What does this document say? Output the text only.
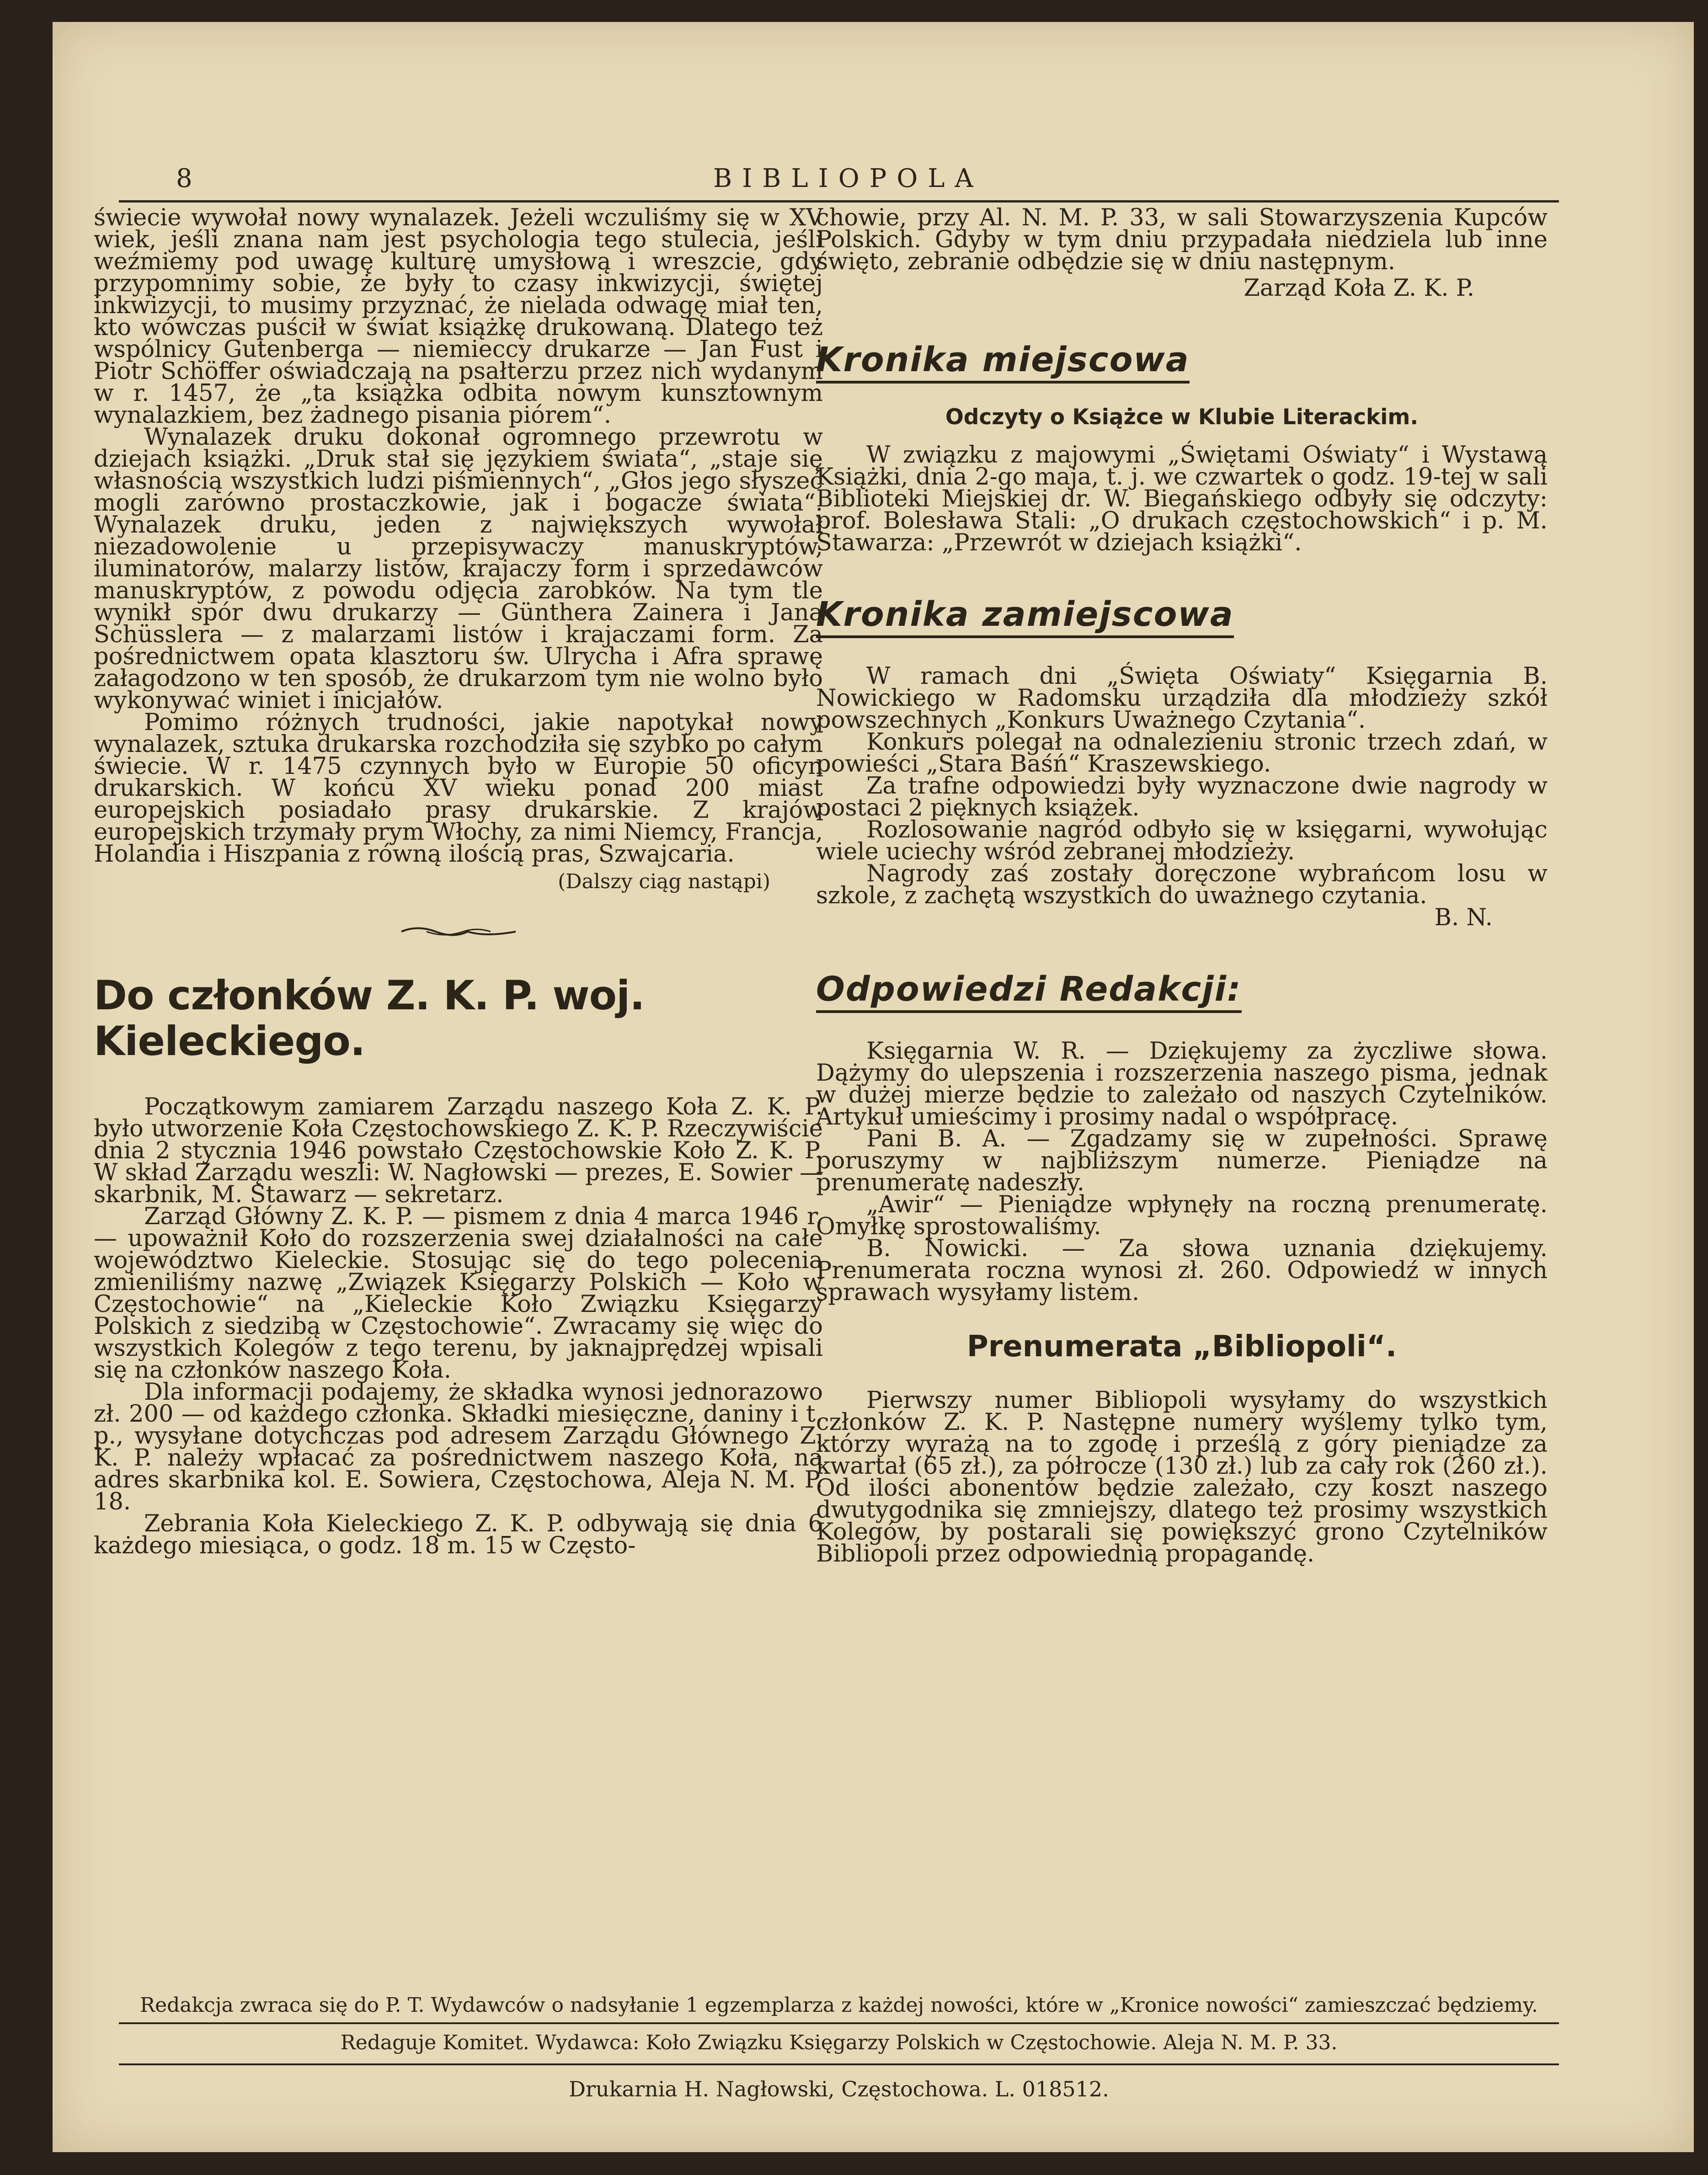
8	BIBLIOPOLA

świecie wywołał nowy wynalazek. Jeżeli wczuliśmy się w XV wiek, jeśli znana nam jest psychologia tego stulecia, jeśli weźmiemy pod uwagę kulturę umysłową i wreszcie, gdy przypomnimy sobie, że były to czasy inkwizycji, świętej inkwizycji, to musimy przyznać, że nielada odwagę miał ten, kto wówczas puścił w świat książkę drukowaną. Dlatego też wspólnicy Gutenberga — niemieccy drukarze — Jan Fust i Piotr Schöffer oświadczają na psałterzu przez nich wydanym w r. 1457, że „ta książka odbita nowym kunsztownym wynalazkiem, bez żadnego pisania piórem“.

Wynalazek druku dokonał ogromnego przewrotu w dziejach książki. „Druk stał się językiem świata“, „staje się własnością wszystkich ludzi piśmiennych“, „Głos jego słyszeć mogli zarówno prostaczkowie, jak i bogacze świata“. Wynalazek druku, jeden z największych wywołał niezadowolenie u przepisywaczy manuskryptów, iluminatorów, malarzy listów, krajaczy form i sprzedawców manuskryptów, z powodu odjęcia zarobków. Na tym tle wynikł spór dwu drukarzy — Günthera Zainera i Jana Schüsslera — z malarzami listów i krajaczami form. Za pośrednictwem opata klasztoru św. Ulrycha i Afra sprawę załagodzono w ten sposób, że drukarzom tym nie wolno było wykonywać winiet i inicjałów.

Pomimo różnych trudności, jakie napotykał nowy wynalazek, sztuka drukarska rozchodziła się szybko po całym świecie. W r. 1475 czynnych było w Europie 50 oficyn drukarskich. W końcu XV wieku ponad 200 miast europejskich posiadało prasy drukarskie. Z krajów europejskich trzymały prym Włochy, za nimi Niemcy, Francja, Holandia i Hiszpania z równą ilością pras, Szwajcaria.

(Dalszy ciąg nastąpi)
Do członków Z. K. P. woj. Kieleckiego.

Początkowym zamiarem Zarządu naszego Koła Z. K. P. było utworzenie Koła Częstochowskiego Z. K. P. Rzeczywiście dnia 2 stycznia 1946 powstało Częstochowskie Koło Z. K. P. W skład Zarządu weszli: W. Nagłowski — prezes, E. Sowier — skarbnik, M. Stawarz — sekretarz.

Zarząd Główny Z. K. P. — pismem z dnia 4 marca 1946 r. — upoważnił Koło do rozszerzenia swej działalności na całe województwo Kieleckie. Stosując się do tego polecenia zmieniliśmy nazwę „Związek Księgarzy Polskich — Koło w Częstochowie“ na „Kieleckie Koło Związku Księgarzy Polskich z siedzibą w Częstochowie“. Zwracamy się więc do wszystkich Kolegów z tego terenu, by jaknajprędzej wpisali się na członków naszego Koła.

Dla informacji podajemy, że składka wynosi jednorazowo zł. 200 — od każdego członka. Składki miesięczne, daniny i t. p., wysyłane dotychczas pod adresem Zarządu Głównego Z. K. P. należy wpłacać za pośrednictwem naszego Koła, na adres skarbnika kol. E. Sowiera, Częstochowa, Aleja N. M. P. 18.

Zebrania Koła Kieleckiego Z. K. P. odbywają się dnia 6 każdego miesiąca, o godz. 18 m. 15 w Często-

chowie, przy Al. N. M. P. 33, w sali Stowarzyszenia Kupców Polskich. Gdyby w tym dniu przypadała niedziela lub inne święto, zebranie odbędzie się w dniu następnym.

Zarząd Koła Z. K. P.
Kronika miejscowa
Odczyty o Książce w Klubie Literackim.

W związku z majowymi „Świętami Oświaty“ i Wystawą Książki, dnia 2-go maja, t. j. we czwartek o godz. 19-tej w sali Biblioteki Miejskiej dr. W. Biegańskiego odbyły się odczyty: prof. Bolesława Stali: „O drukach częstochowskich“ i p. M. Stawarza: „Przewrót w dziejach książki“.

Kronika zamiejscowa

W ramach dni „Święta Oświaty“ Księgarnia B. Nowickiego w Radomsku urządziła dla młodzieży szkół powszechnych „Konkurs Uważnego Czytania“.

Konkurs polegał na odnalezieniu stronic trzech zdań, w powieści „Stara Baśń“ Kraszewskiego.

Za trafne odpowiedzi były wyznaczone dwie nagrody w postaci 2 pięknych książek.

Rozlosowanie nagród odbyło się w księgarni, wywołując wiele uciechy wśród zebranej młodzieży.

Nagrody zaś zostały doręczone wybrańcom losu w szkole, z zachętą wszystkich do uważnego czytania.

B. N.
Odpowiedzi Redakcji:

Księgarnia W. R. — Dziękujemy za życzliwe słowa. Dążymy do ulepszenia i rozszerzenia naszego pisma, jednak w dużej mierze będzie to zależało od naszych Czytelników. Artykuł umieścimy i prosimy nadal o współpracę.

Pani B. A. — Zgadzamy się w zupełności. Sprawę poruszymy w najbliższym numerze. Pieniądze na prenumeratę nadeszły.

„Awir“ — Pieniądze wpłynęły na roczną prenumeratę. Omyłkę sprostowaliśmy.

B. Nowicki. — Za słowa uznania dziękujemy. Prenumerata roczna wynosi zł. 260. Odpowiedź w innych sprawach wysyłamy listem.

Prenumerata „Bibliopoli“.

Pierwszy numer Bibliopoli wysyłamy do wszystkich członków Z. K. P. Następne numery wyślemy tylko tym, którzy wyrażą na to zgodę i prześlą z góry pieniądze za kwartał (65 zł.), za półrocze (130 zł.) lub za cały rok (260 zł.). Od ilości abonentów będzie zależało, czy koszt naszego dwutygodnika się zmniejszy, dlatego też prosimy wszystkich Kolegów, by postarali się powiększyć grono Czytelników Bibliopoli przez odpowiednią propagandę.

Redakcja zwraca się do P. T. Wydawców o nadsyłanie 1 egzemplarza z każdej nowości, które w „Kronice nowości“ zamieszczać będziemy.
Redaguje Komitet. Wydawca: Koło Związku Księgarzy Polskich w Częstochowie. Aleja N. M. P. 33.
Drukarnia H. Nagłowski, Częstochowa. L. 018512.
